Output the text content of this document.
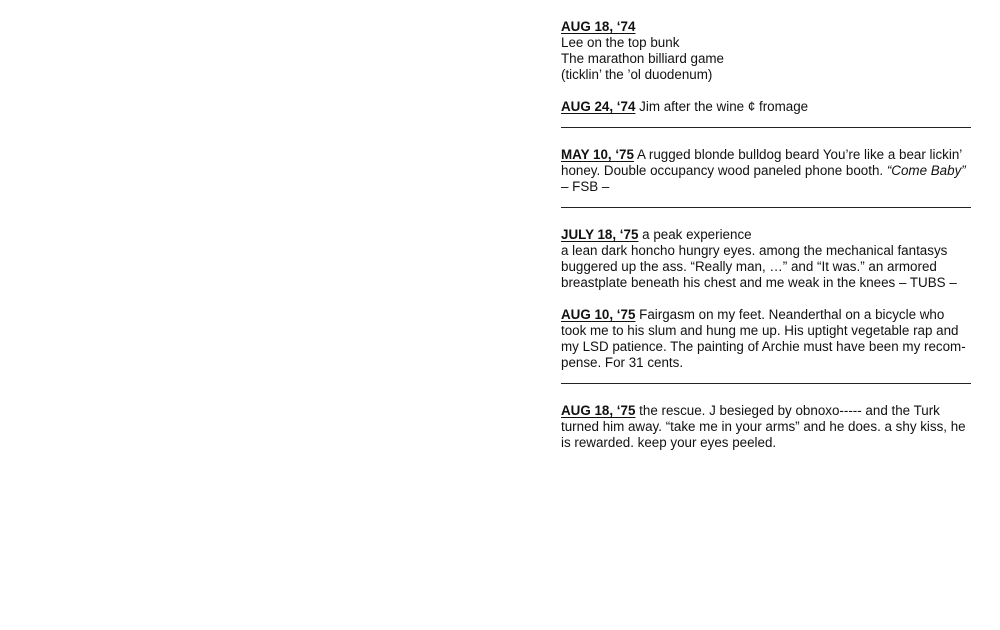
AUG 18, ‘74
Lee on the top bunk
The marathon billiard game
(ticklin’ the ’ol duodenum)
AUG 24, ‘74 Jim after the wine ¢ fromage
MAY 10, ‘75 A rugged blonde bulldog beard You’re like a bear lickin’ honey. Double occupancy wood paneled phone booth. “Come Baby”
– FSB –
JULY 18, ‘75 a peak experience
a lean dark honcho hungry eyes. among the mechanical fantasys
buggered up the ass. “Really man, …” and “It was.” an armored
breastplate beneath his chest and me weak in the knees – TUBS –
AUG 10, ‘75 Fairgasm on my feet. Neanderthal on a bicycle who took me to his slum and hung me up. His uptight vegetable rap and my LSD patience. The painting of Archie must have been my recom-pense. For 31 cents.
AUG 18, ‘75 the rescue. J besieged by obnoxo----- and the Turk turned him away. “take me in your arms” and he does. a shy kiss, he is rewarded. keep your eyes peeled.
